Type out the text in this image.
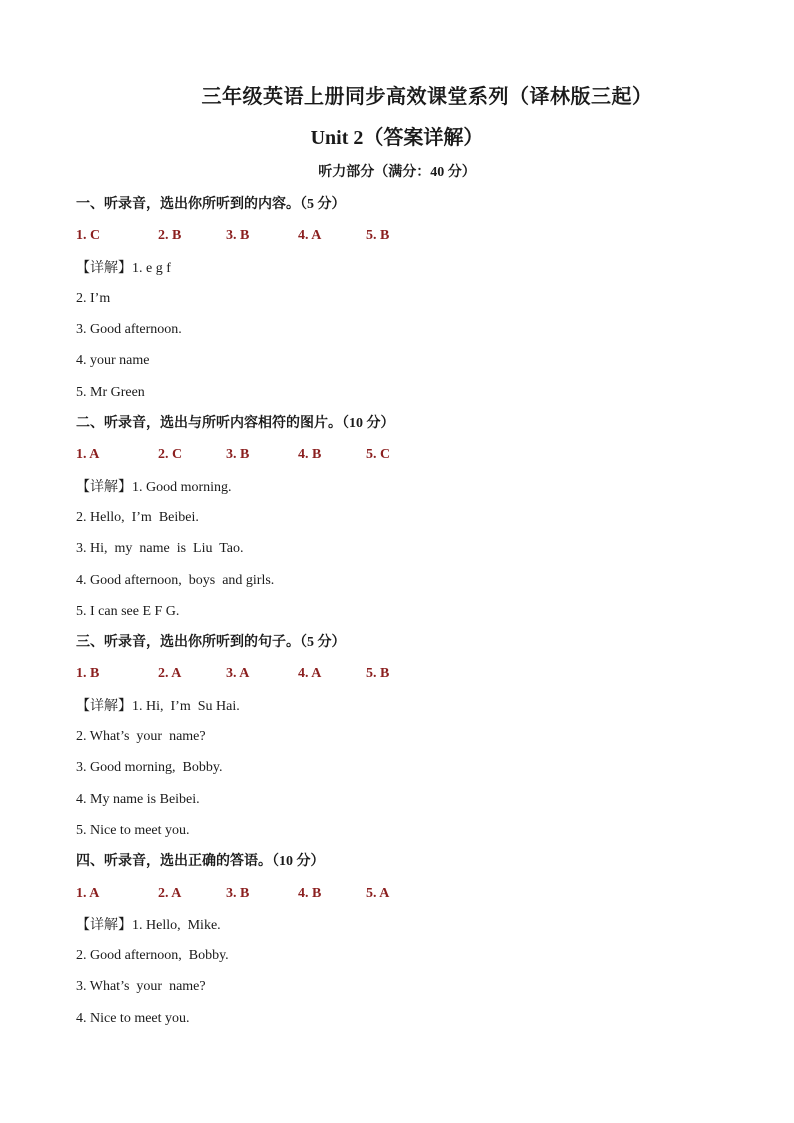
三年级英语上册同步高效课堂系列（译林版三起）
Unit 2（答案详解）
听力部分（满分：40 分）
一、听录音，选出你所听到的内容。（5 分）
1. C	2. B	3. B	4. A	5. B
【详解】1. e g f
2. I’m
3. Good afternoon.
4. your name
5. Mr Green
二、听录音，选出与所听内容相符的图片。（10 分）
1. A	2. C	3. B	4. B	5. C
【详解】1. Good morning.
2. Hello,  I’m  Beibei.
3. Hi,  my  name  is  Liu  Tao.
4. Good afternoon,  boys  and girls.
5. I can see E F G.
三、听录音，选出你所听到的句子。（5 分）
1. B	2. A	3. A	4. A	5. B
【详解】1. Hi,  I’m  Su Hai.
2. What’s  your  name?
3. Good morning,  Bobby.
4. My name is Beibei.
5. Nice to meet you.
四、听录音，选出正确的答语。（10 分）
1. A	2. A	3. B	4. B	5. A
【详解】1. Hello,  Mike.
2. Good afternoon,  Bobby.
3. What’s  your  name?
4. Nice to meet you.
